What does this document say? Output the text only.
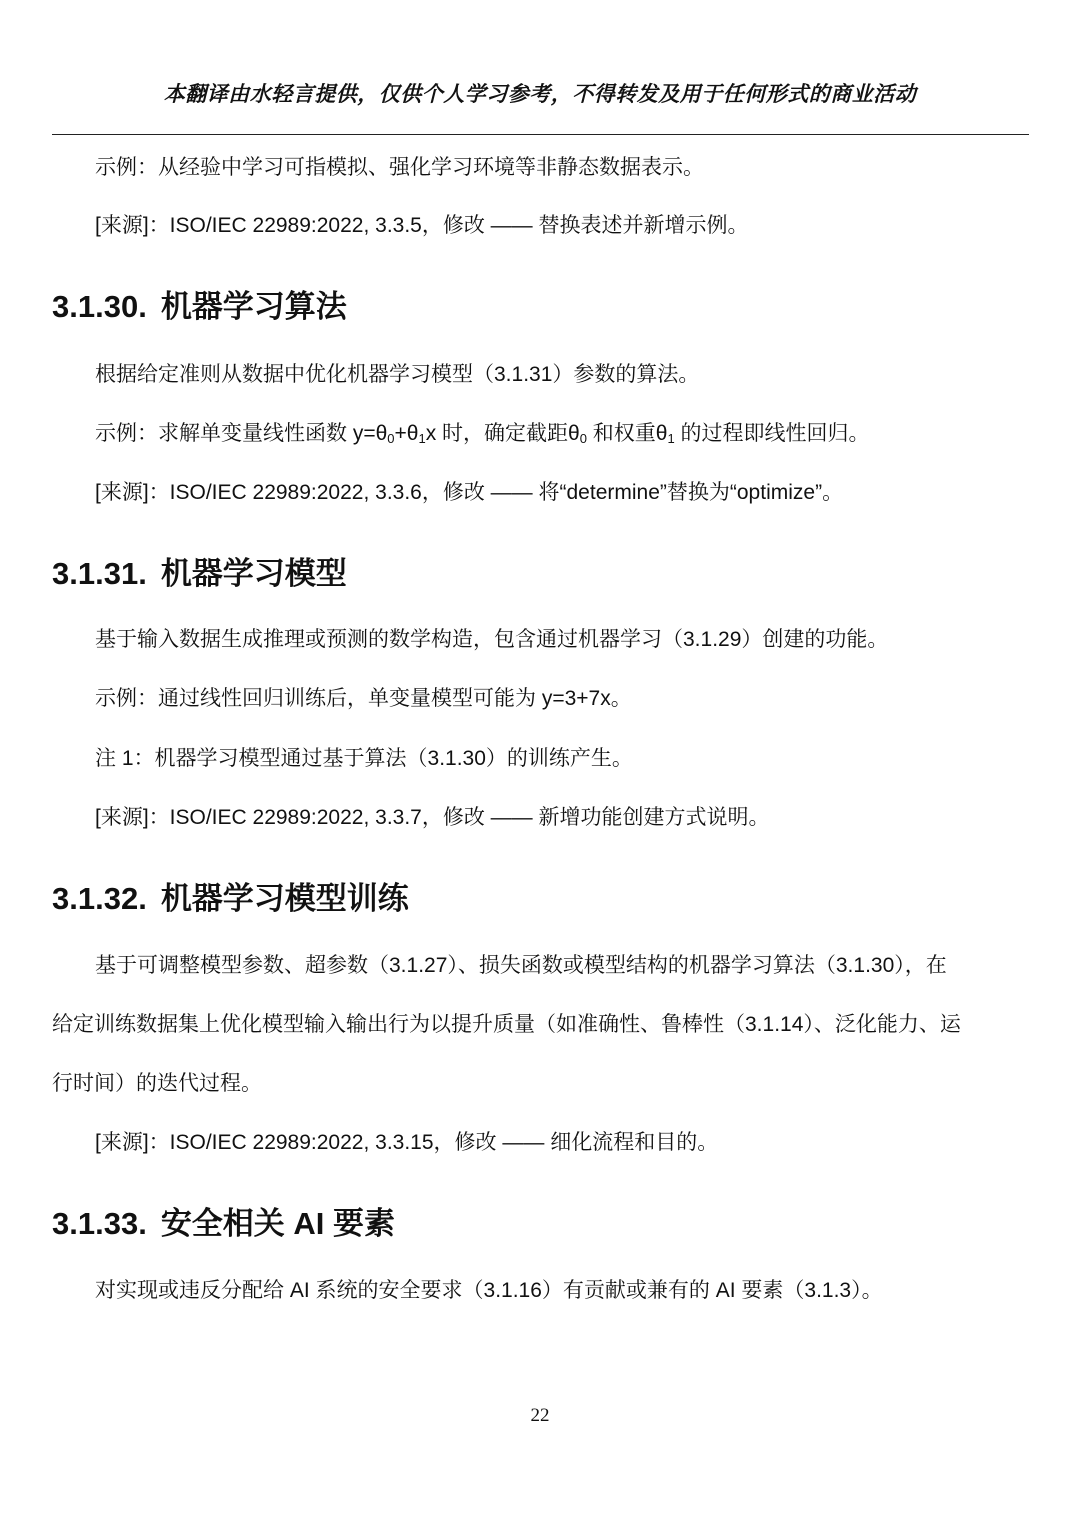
本翻译由水轻言提供，仅供个人学习参考，不得转发及用于任何形式的商业活动
示例：从经验中学习可指模拟、强化学习环境等非静态数据表示。
[来源]：ISO/IEC 22989:2022, 3.3.5，修改 —— 替换表述并新增示例。
3.1.30. 机器学习算法
根据给定准则从数据中优化机器学习模型（3.1.31）参数的算法。
示例：求解单变量线性函数 $y=\theta_0+\theta_1x$ 时，确定截距$\theta_0$ 和权重$\theta_1$ 的过程即线性回归。
[来源]：ISO/IEC 22989:2022, 3.3.6，修改 —— 将“determine”替换为“optimize”。
3.1.31. 机器学习模型
基于输入数据生成推理或预测的数学构造，包含通过机器学习（3.1.29）创建的功能。
示例：通过线性回归训练后，单变量模型可能为 y=3+7x。
注 1：机器学习模型通过基于算法（3.1.30）的训练产生。
[来源]：ISO/IEC 22989:2022, 3.3.7，修改 —— 新增功能创建方式说明。
3.1.32. 机器学习模型训练
基于可调整模型参数、超参数（3.1.27）、损失函数或模型结构的机器学习算法（3.1.30），在
给定训练数据集上优化模型输入输出行为以提升质量（如准确性、鲁棒性（3.1.14）、泛化能力、运
行时间）的迭代过程。
[来源]：ISO/IEC 22989:2022, 3.3.15，修改 —— 细化流程和目的。
3.1.33. 安全相关 AI 要素
对实现或违反分配给 AI 系统的安全要求（3.1.16）有贡献或兼有的 AI 要素（3.1.3）。
22
